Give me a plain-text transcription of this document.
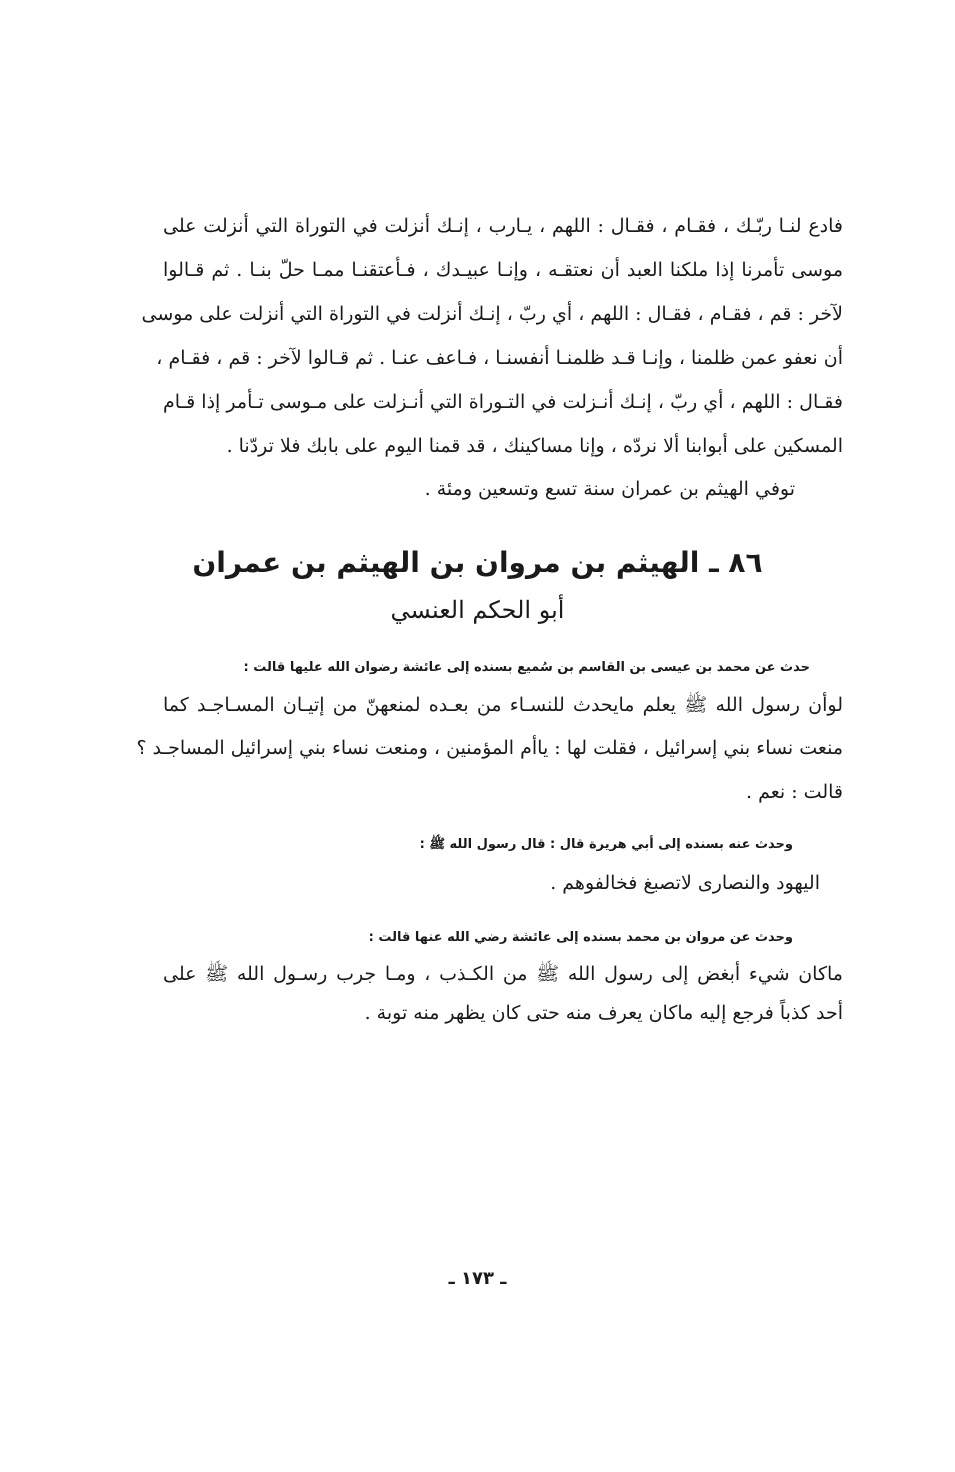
فادع لنـا ربّـك ، فقـام ، فقـال : اللهم ، يـارب ، إنـك أنزلت في التوراة التي أنزلت على
موسى تأمرنا إذا ملكنا العبد أن نعتقـه ، وإنـا عبيـدك ، فـأعتقنـا ممـا حلّ بنـا . ثم قـالوا
لآخر : قم ، فقـام ، فقـال : اللهم ، أي ربّ ، إنـك أنزلت في التوراة التي أنزلت على موسى
أن نعفو عمن ظلمنا ، وإنـا قـد ظلمنـا أنفسنـا ، فـاعف عنـا . ثم قـالوا لآخر : قم ، فقـام ،
فقـال : اللهم ، أي ربّ ، إنـك أنـزلت في التـوراة التي أنـزلت على مـوسى تـأمر إذا قـام
المسكين على أبوابنا ألا نردّه ، وإنا مساكينك ، قد قمنا اليوم على بابك فلا تردّنا .
توفي الهيثم بن عمران سنة تسع وتسعين ومئة .
٨٦ ـ الهيثم بن مروان بن الهيثم بن عمران
أبو الحكم العنسي
حدث عن محمد بن عيسى بن القاسم بن سُميع بسنده إلى عائشة رضوان الله عليها قالت :
لوأن رسول الله ﷺ يعلم مايحدث للنسـاء من بعـده لمنعهنّ من إتيـان المسـاجـد كما
منعت نساء بني إسرائيل ، فقلت لها : ياأم المؤمنين ، ومنعت نساء بني إسرائيل المساجـد ؟
قالت : نعم .
وحدث عنه بسنده إلى أبي هريرة قال : قال رسول الله ﷺ :
اليهود والنصارى لاتصبغ فخالفوهم .
وحدث عن مروان بن محمد بسنده إلى عائشة رضي الله عنها قالت :
ماكان شيء أبغض إلى رسول الله ﷺ من الكـذب ، ومـا جرب رسـول الله ﷺ على
أحد كذباً فرجع إليه ماكان يعرف منه حتى كان يظهر منه توبة .
ـ ١٧٣ ـ
